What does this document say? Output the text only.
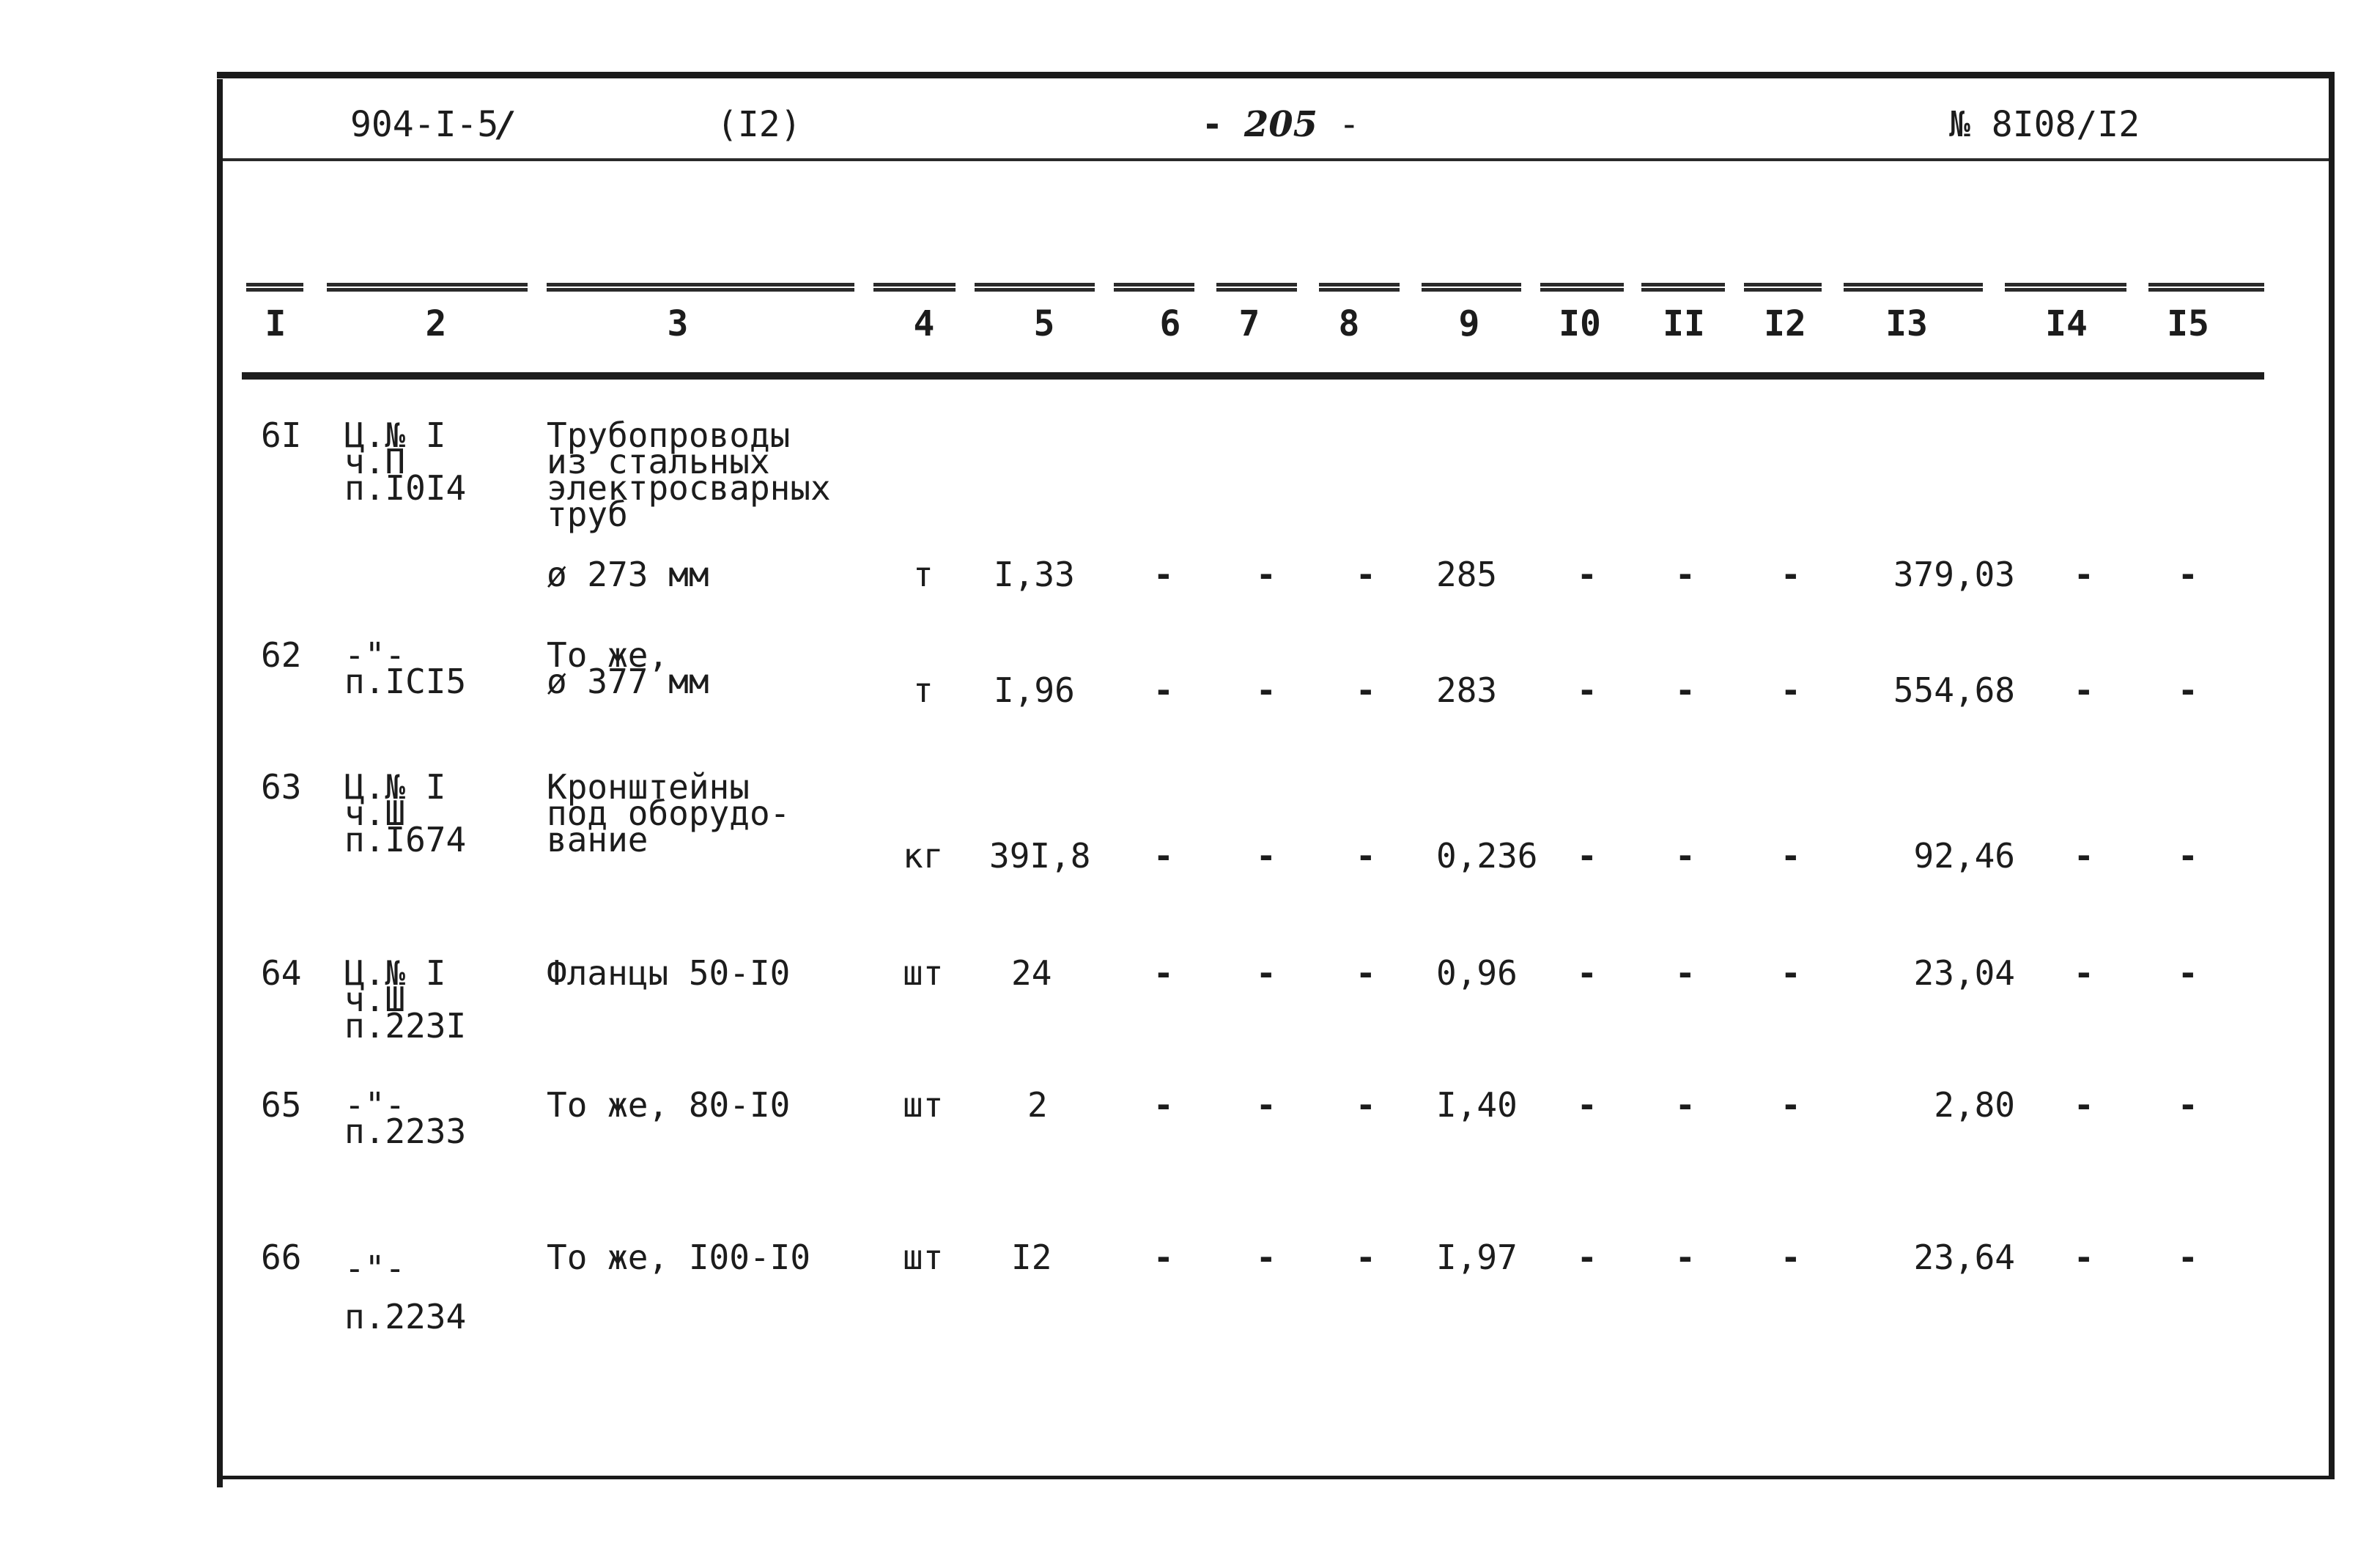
904-I-5/	(I2)	- 205 -	№ 8I08/I2
I	2	3	4	5	6 7 8	9 I0 II I2 I3	I4 I5
6I Ц.№ I
ч.П
п.I0I4
Трубопроводы
из стальных
электросварных
труб
ø 273 мм	т I,33 - - - 285 - -	-	379,03 - -
62 -"-
п.ICI5
То же,
ø 377 мм	т I,96 - - - 283 - -	-	554,68 - -
63 Ц.№ I
ч.Ш
п.I674
Кронштейны
под оборудо-
вание	кг 39I,8 - - - 0,236 - -	-	92,46 - -
64 Ц.№ I
ч.Ш
п.223I
Фланцы 50-I0	шт 24	- - - 0,96 - -	-	23,04 - -
65 -"-
п.2233
То же, 80-I0	шт 2	- - - I,40 - -	-	2,80 - -
66 -"-
п.2234
То же, I00-I0	шт I2	- - - I,97 - -	-	23,64 - -
